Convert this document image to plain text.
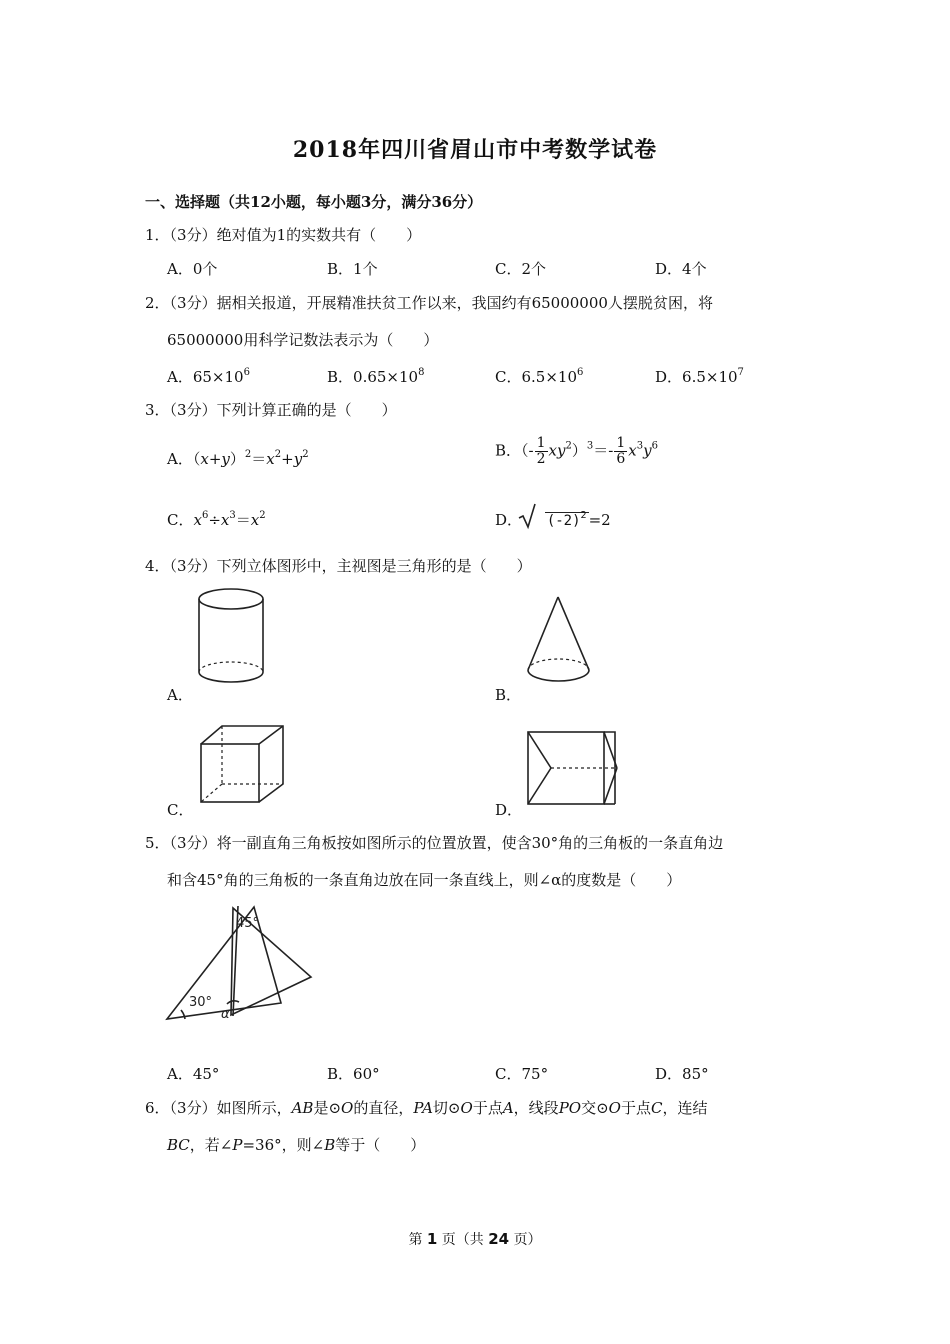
2018年四川省眉山市中考数学试卷
一、选择题（共12小题，每小题3分，满分36分）
1．（3分）绝对值为1的实数共有（　　）
A．0个	B．1个	C．2个	D．4个
2．（3分）据相关报道，开展精准扶贫工作以来，我国约有65000000人摆脱贫困，将
65000000用科学记数法表示为（　　）
A．$65\times 10^6$	B．$0.65\times 10^8$	C．$6.5\times 10^6$	D．$6.5\times 10^7$
3．（3分）下列计算正确的是（　　）
A．$(x+y)^2=x^2+y^2$	B．（- $\frac{1}{2} xy^2)^3=- \frac{1}{6} x^3y^6$
C．$x^6\div x^3=x^2$	D． $(-2)^2 =2$
4．（3分）下列立体图形中，主视图是三角形的是（　　）
A．	B．
C．	D．
5．（3分）将一副直角三角板按如图所示的位置放置，使含30°角的三角板的一条直角边
和含45°角的三角板的一条直角边放在同一条直线上，则∠α的度数是（　　）
45°
30°
α
A．45°	B．60°	C．75°	D．85°
6．（3分）如图所示，AB是⊙O的直径，PA切⊙O于点A，线段PO交⊙O于点C，连结
BC，若∠P=36°，则∠B等于（　　）
第 1 页（共 24 页）
